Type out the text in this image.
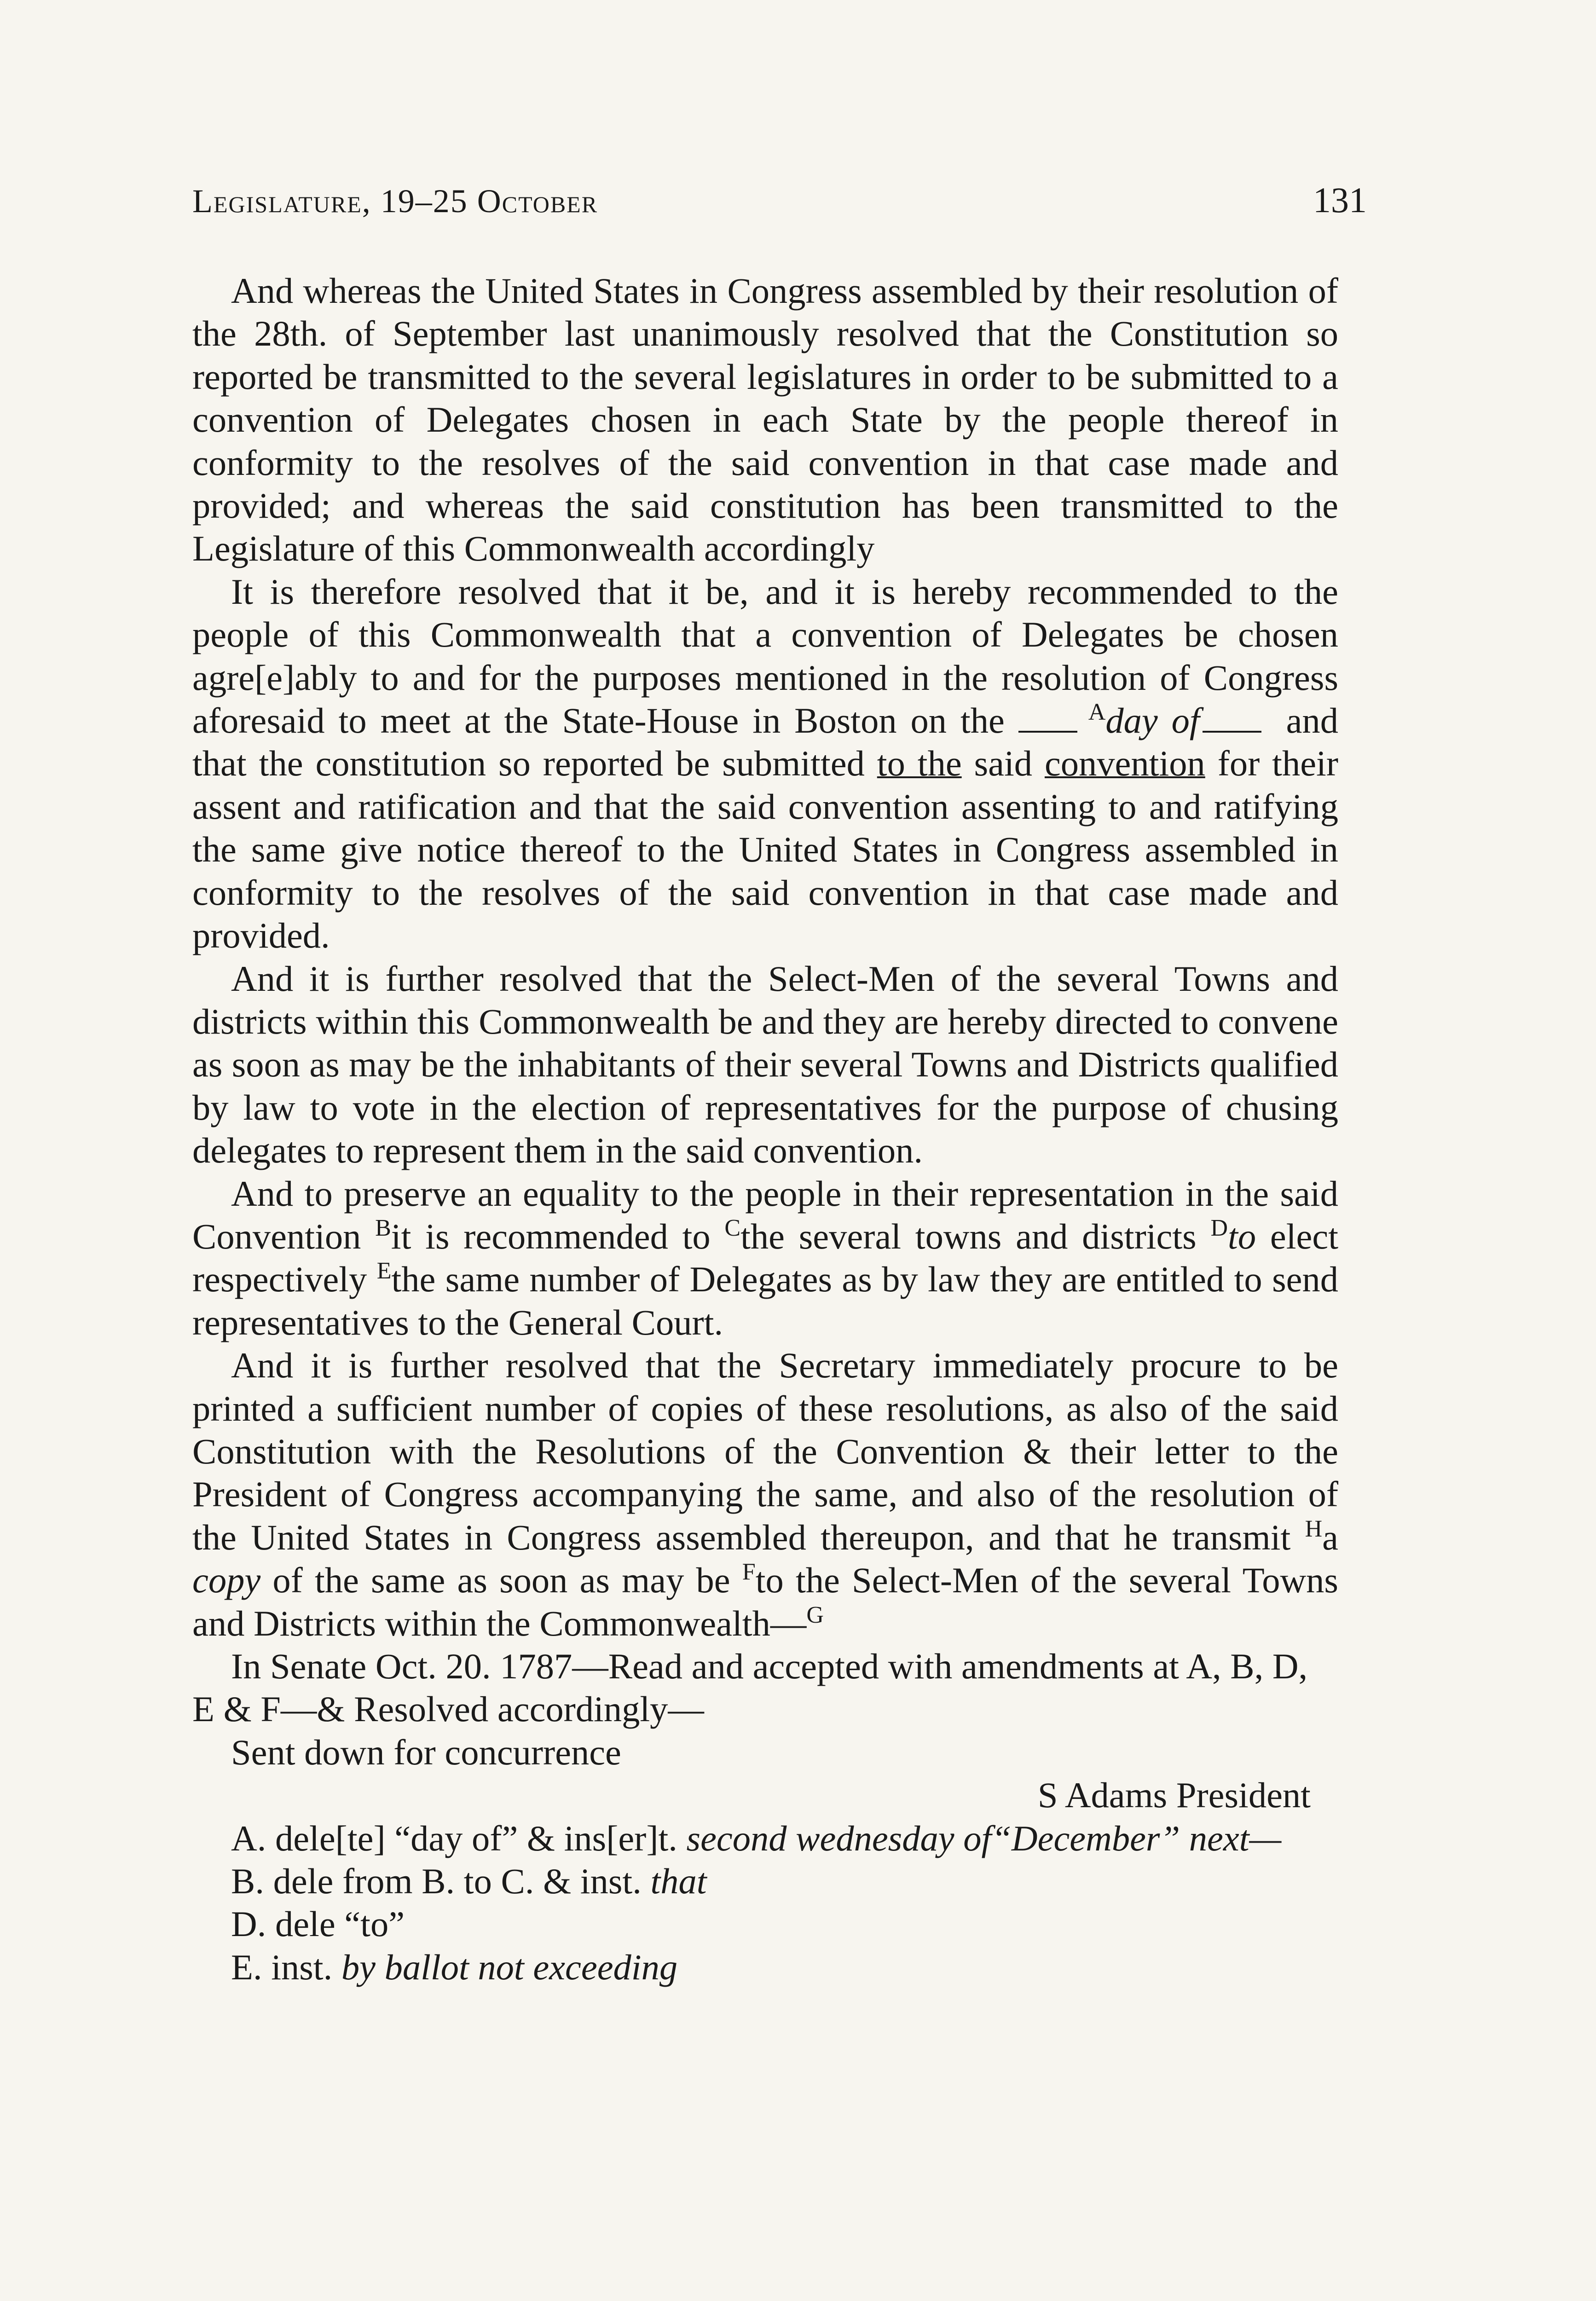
Legislature, 19–25 October	131

And whereas the United States in Congress assembled by their resolution of the 28th. of September last unanimously resolved that the Constitution so reported be transmitted to the several legislatures in order to be submitted to a convention of Delegates chosen in each State by the people thereof in conformity to the resolves of the said convention in that case made and provided; and whereas the said constitution has been transmitted to the Legislature of this Commonwealth accordingly

It is therefore resolved that it be, and it is hereby recommended to the people of this Commonwealth that a convention of Delegates be chosen agre[e]ably to and for the purposes mentioned in the resolution of Congress aforesaid to meet at the State-House in Boston on the	$^A$day of and that the constitution so reported be submitted to the said convention for their assent and ratification and that the said convention assenting to and ratifying the same give notice thereof to the United States in Congress assembled in conformity to the resolves of the said convention in that case made and provided.

And it is further resolved that the Select-Men of the several Towns and districts within this Commonwealth be and they are hereby directed to convene as soon as may be the inhabitants of their several Towns and Districts qualified by law to vote in the election of representatives for the purpose of chusing delegates to represent them in the said convention.

And to preserve an equality to the people in their representation in the said Convention $^B$it is recommended to $^C$the several towns and districts $^D$to elect respectively $^E$the same number of Delegates as by law they are entitled to send representatives to the General Court.

And it is further resolved that the Secretary immediately procure to be printed a sufficient number of copies of these resolutions, as also of the said Constitution with the Resolutions of the Convention & their letter to the President of Congress accompanying the same, and also of the resolution of the United States in Congress assembled thereupon, and that he transmit $^H$a copy of the same as soon as may be $^F$to the Select-Men of the several Towns and Districts within the Commonwealth—$^G$

In Senate Oct. 20. 1787—Read and accepted with amendments at A, B, D, E & F—& Resolved accordingly—

Sent down for concurrence

S Adams President

A. dele[te] “day of” & ins[er]t. second wednesday of“December” next—
B. dele from B. to C. & inst. that
D. dele “to”
E. inst. by ballot not exceeding
